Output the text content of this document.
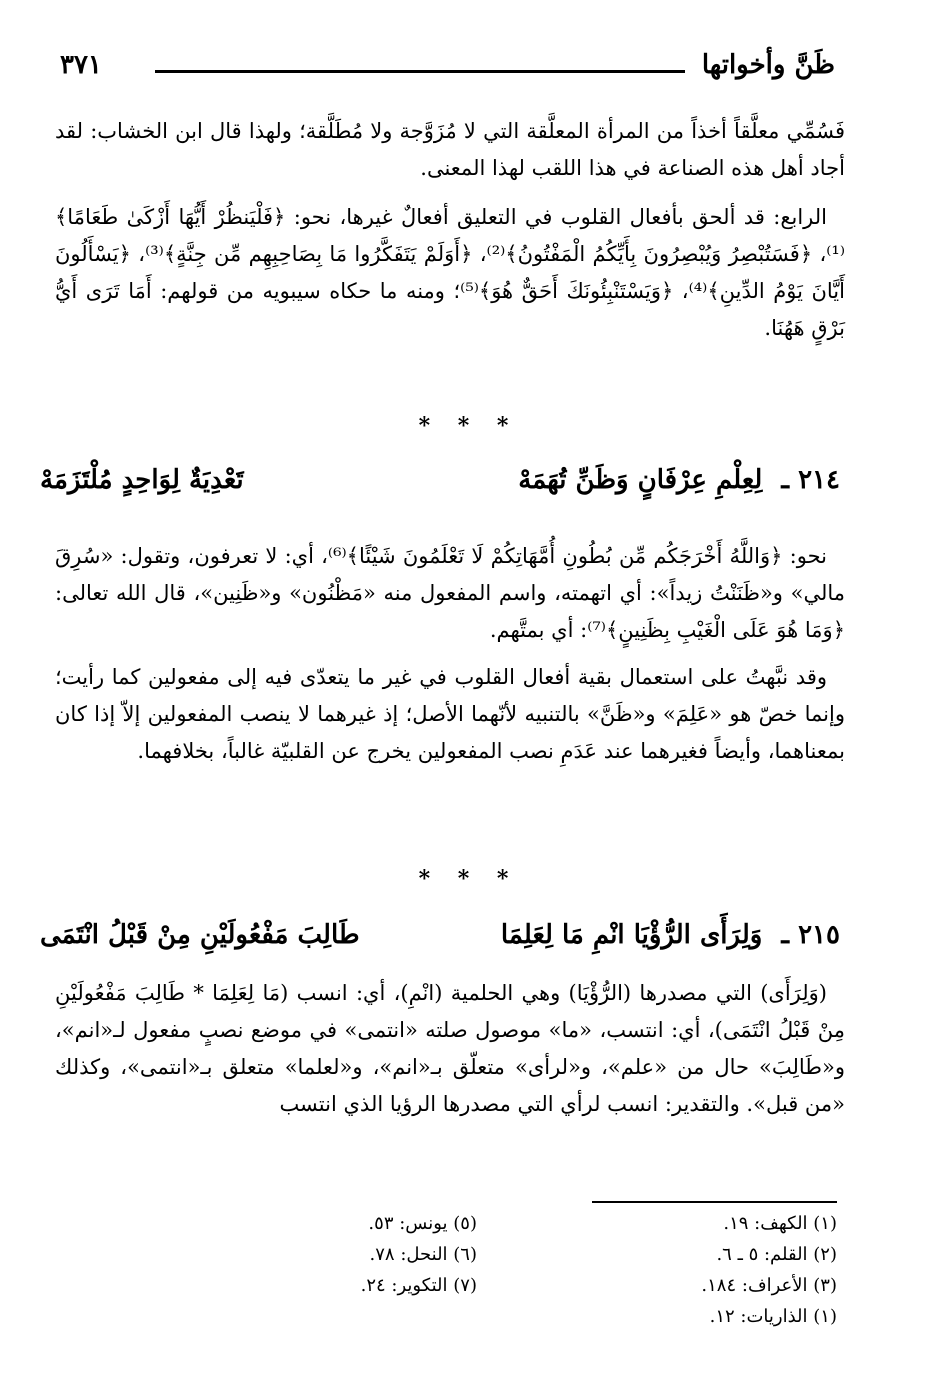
ظَنَّ وأخواتها
٣٧١

فَسُمِّي معلَّقاً أخذاً من المرأة المعلَّقة التي لا مُزَوَّجة ولا مُطَلَّقة؛ ولهذا قال ابن الخشاب: لقد أجاد أهل هذه الصناعة في هذا اللقب لهذا المعنى.

الرابع: قد ألحق بأفعال القلوب في التعليق أفعالٌ غيرها، نحو: ﴿فَلْيَنظُرْ أَيُّهَا أَزْكَىٰ طَعَامًا﴾⁽¹⁾، ﴿فَسَتُبْصِرُ وَيُبْصِرُونَ بِأَيِّكُمُ الْمَفْتُونُ﴾⁽²⁾، ﴿أَوَلَمْ يَتَفَكَّرُوا مَا بِصَاحِبِهِم مِّن جِنَّةٍ﴾⁽³⁾، ﴿يَسْأَلُونَ أَيَّانَ يَوْمُ الدِّينِ﴾⁽⁴⁾، ﴿وَيَسْتَنْبِئُونَكَ أَحَقٌّ هُوَ﴾⁽⁵⁾؛ ومنه ما حكاه سيبويه من قولهم: أَمَا تَرَى أَيُّ بَرْقٍ هَهُنَا.

* * *
٢١٤ ـ لِعِلْمِ عِرْفَانٍ وَظَنِّ تُهَمَهْ
تَعْدِيَةٌ لِوَاحِدٍ مُلْتَزَمَهْ

نحو: ﴿وَاللَّهُ أَخْرَجَكُم مِّن بُطُونِ أُمَّهَاتِكُمْ لَا تَعْلَمُونَ شَيْئًا﴾⁽⁶⁾، أي: لا تعرفون، وتقول: «سُرِقَ مالي» و«ظَنَنْتُ زيداً»: أي اتهمته، واسم المفعول منه «مَظْنُون» و«ظَنِين»، قال الله تعالى: ﴿وَمَا هُوَ عَلَى الْغَيْبِ بِظَنِينٍ﴾⁽⁷⁾: أي بمتَّهم.

وقد نبَّهتُ على استعمال بقية أفعال القلوب في غير ما يتعدّى فيه إلى مفعولين كما رأيت؛ وإنما خصّ هو «عَلِمَ» و«ظَنَّ» بالتنبيه لأنّهما الأصل؛ إذ غيرهما لا ينصب المفعولين إلاّ إذا كان بمعناهما، وأيضاً فغيرهما عند عَدَمِ نصب المفعولين يخرج عن القلبيّة غالباً، بخلافهما.

* * *
٢١٥ ـ وَلِرَأَى الرُّؤْيَا انْمِ مَا لِعَلِمَا
طَالِبَ مَفْعُولَيْنِ مِنْ قَبْلُ انْتَمَى

(وَلِرَأَى) التي مصدرها (الرُّؤْيَا) وهي الحلمية (انْمِ)، أي: انسب (مَا لِعَلِمَا * طَالِبَ مَفْعُولَيْنِ مِنْ قَبْلُ انْتَمَى)، أي: انتسب، «ما» موصول صلته «انتمى» في موضع نصبٍ مفعول لـ«انم»، و«طَالِبَ» حال من «علم»، و«لرأى» متعلّق بـ«انم»، و«لعلما» متعلق بـ«انتمى»، وكذلك «من قبل». والتقدير: انسب لرأي التي مصدرها الرؤيا الذي انتسب

(١) الكهف: ١٩.
(٢) القلم: ٥ ـ ٦.
(٣) الأعراف: ١٨٤.
(١) الذاريات: ١٢.
(٥) يونس: ٥٣.
(٦) النحل: ٧٨.
(٧) التكوير: ٢٤.
